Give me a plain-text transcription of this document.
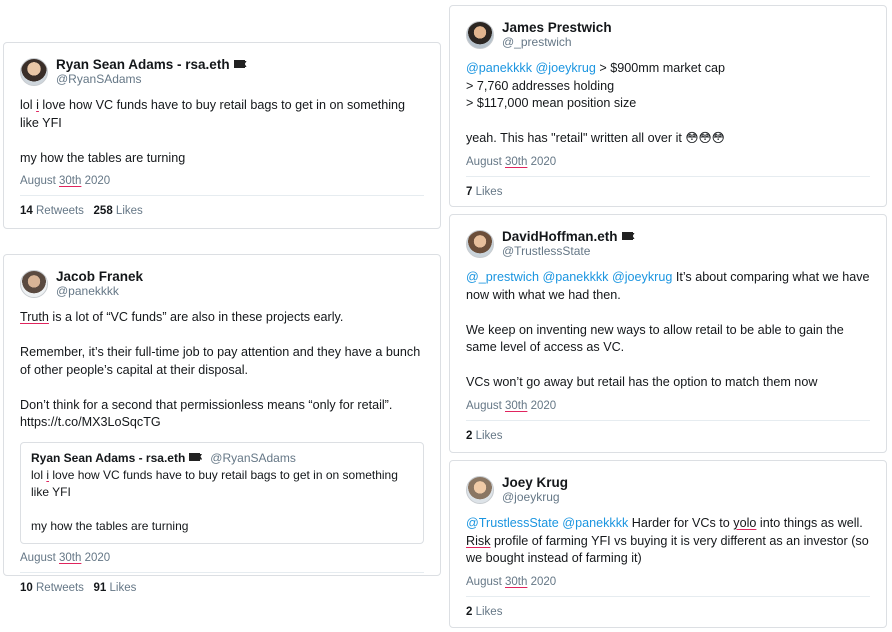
Ryan Sean Adams - rsa.eth
@RyanSAdams
lol i love how VC funds have to buy retail bags to get in on something like YFI

my how the tables are turning
August 30th 2020
14 Retweets 258 Likes
Jacob Franek
@panekkkk
Truth is a lot of “VC funds” are also in these projects early.

Remember, it’s their full-time job to pay attention and they have a bunch of other people’s capital at their disposal.

Don’t think for a second that permissionless means “only for retail”.
https://t.co/MX3LoSqcTG
Ryan Sean Adams - rsa.eth @RyanSAdams
lol i love how VC funds have to buy retail bags to get in on something like YFI

my how the tables are turning
August 30th 2020
10 Retweets 91 Likes
James Prestwich
@_prestwich
@panekkkk @joeykrug > $900mm market cap
> 7,760 addresses holding
> $117,000 mean position size

yeah. This has "retail" written all over it 😳😳😳
August 30th 2020
7 Likes
DavidHoffman.eth
@TrustlessState
@_prestwich @panekkkk @joeykrug It’s about comparing what we have now with what we had then.

We keep on inventing new ways to allow retail to be able to gain the same level of access as VC.

VCs won’t go away but retail has the option to match them now
August 30th 2020
2 Likes
Joey Krug
@joeykrug
@TrustlessState @panekkkk Harder for VCs to yolo into things as well.
Risk profile of farming YFI vs buying it is very different as an investor (so we bought instead of farming it)
August 30th 2020
2 Likes
